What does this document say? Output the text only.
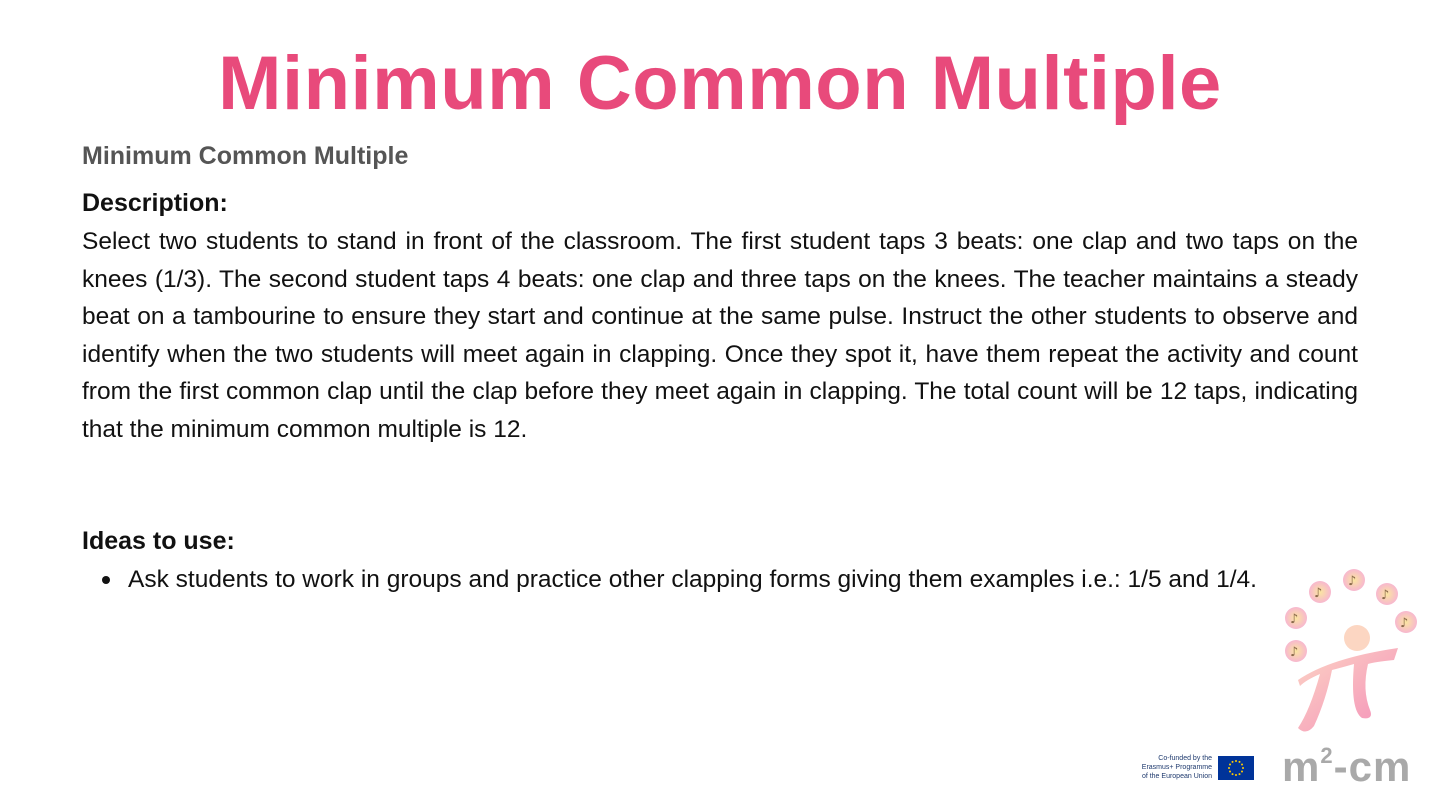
Minimum Common Multiple
Minimum Common Multiple
Description:

Select two students to stand in front of the classroom. The first student taps 3 beats: one clap and two taps on the knees (1/3). The second student taps 4 beats: one clap and three taps on the knees. The teacher maintains a steady beat on a tambourine to ensure they start and continue at the same pulse. Instruct the other students to observe and identify when the two students will meet again in clapping. Once they spot it, have them repeat the activity and count from the first common clap until the clap before they meet again in clapping. The total count will be 12 taps, indicating that the minimum common multiple is 12.

Ideas to use:
Ask students to work in groups and practice other clapping forms giving them examples i.e.: 1/5 and 1/4.
♪
♪
♪
♪
♪
♪
Co-funded by the
Erasmus+ Programme
of the European Union $m^2-cm$
